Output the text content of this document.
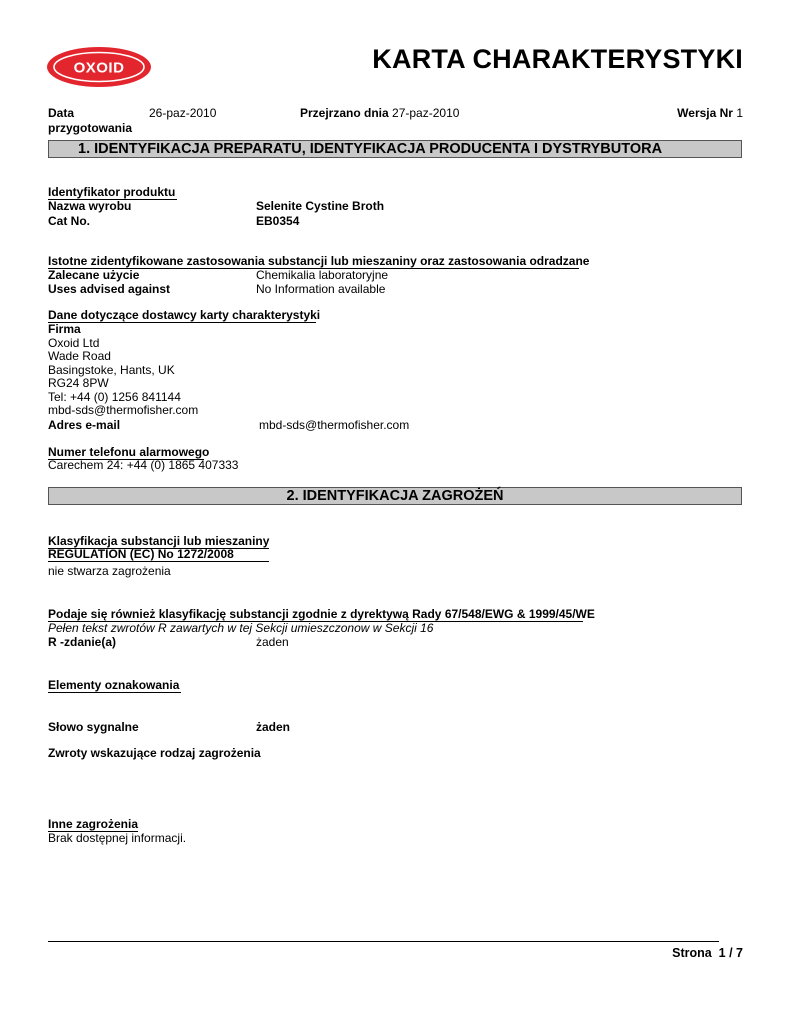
OXOID	KARTA CHARAKTERYSTYKI
Data
przygotowania
26-paz-2010	Przejrzano dnia 27-paz-2010	Wersja Nr 1
1. IDENTYFIKACJA PREPARATU, IDENTYFIKACJA PRODUCENTA I DYSTRYBUTORA
Identyfikator produktu
Nazwa wyrobu	Selenite Cystine Broth
Cat No.	EB0354
Istotne zidentyfikowane zastosowania substancji lub mieszaniny oraz zastosowania odradzane
Zalecane użycie	Chemikalia laboratoryjne
Uses advised against	No Information available
Dane dotyczące dostawcy karty charakterystyki
Firma
Oxoid Ltd
Wade Road
Basingstoke, Hants, UK
RG24 8PW
Tel: +44 (0) 1256 841144
mbd-sds@thermofisher.com
Adres e-mail	mbd-sds@thermofisher.com
Numer telefonu alarmowego
Carechem 24: +44 (0) 1865 407333
2. IDENTYFIKACJA ZAGROŻEŃ
Klasyfikacja substancji lub mieszaniny
REGULATION (EC) No 1272/2008
nie stwarza zagrożenia
Podaje się również klasyfikację substancji zgodnie z dyrektywą Rady 67/548/EWG & 1999/45/WE
Pełen tekst zwrotów R zawartych w tej Sekcji umieszczonow w Sekcji 16
R -zdanie(a)	żaden
Elementy oznakowania
Słowo sygnalne	żaden
Zwroty wskazujące rodzaj zagrożenia
Inne zagrożenia
Brak dostępnej informacji.
Strona 1 / 7
